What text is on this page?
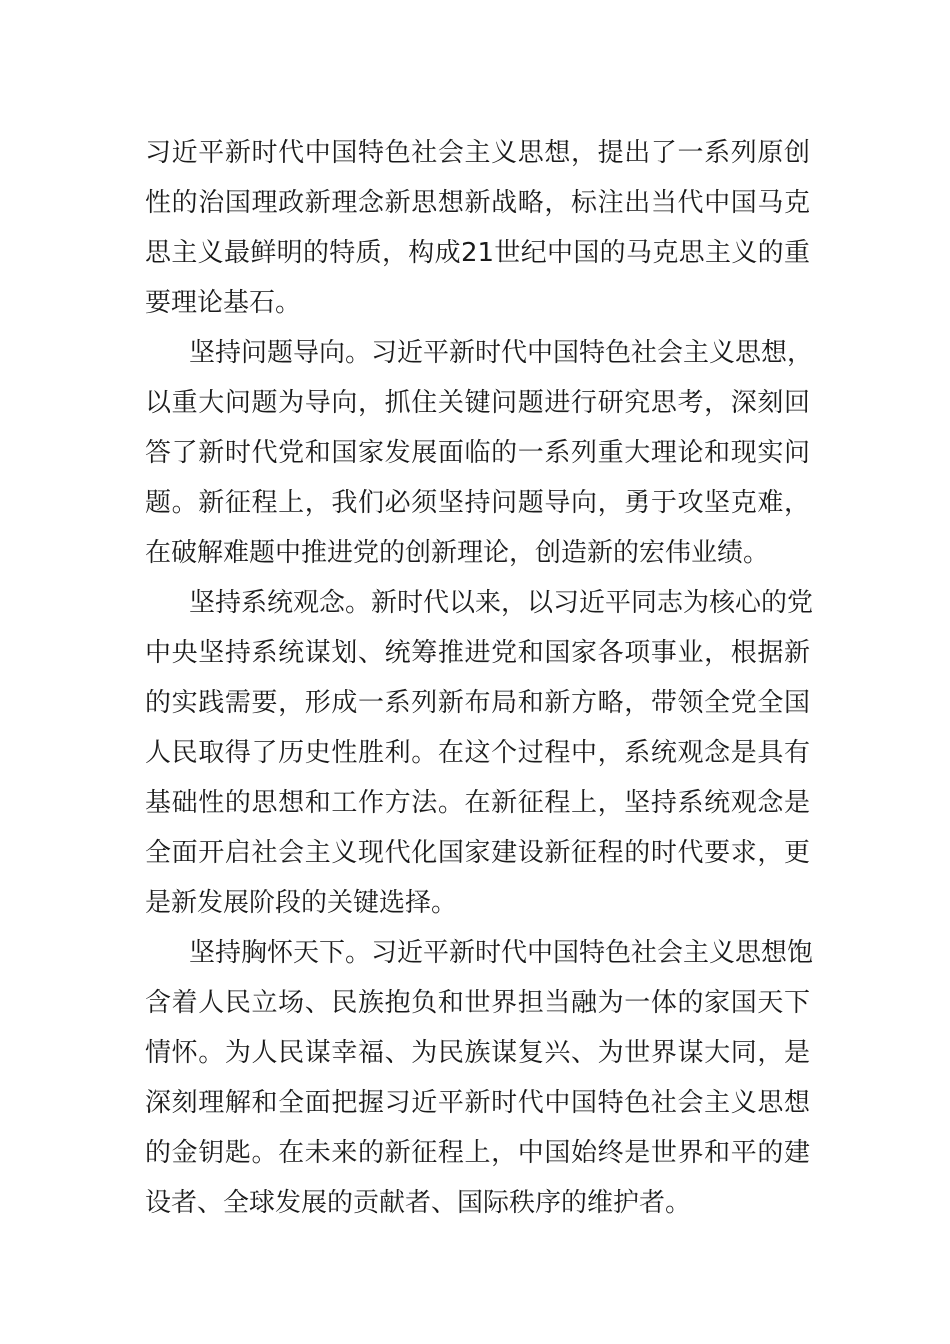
习近平新时代中国特色社会主义思想，提出了一系列原创
性的治国理政新理念新思想新战略，标注出当代中国马克
思主义最鲜明的特质，构成21世纪中国的马克思主义的重
要理论基石。
坚持问题导向。习近平新时代中国特色社会主义思想，
以重大问题为导向，抓住关键问题进行研究思考，深刻回
答了新时代党和国家发展面临的一系列重大理论和现实问
题。新征程上，我们必须坚持问题导向，勇于攻坚克难，
在破解难题中推进党的创新理论，创造新的宏伟业绩。
坚持系统观念。新时代以来，以习近平同志为核心的党
中央坚持系统谋划、统筹推进党和国家各项事业，根据新
的实践需要，形成一系列新布局和新方略，带领全党全国
人民取得了历史性胜利。在这个过程中，系统观念是具有
基础性的思想和工作方法。在新征程上，坚持系统观念是
全面开启社会主义现代化国家建设新征程的时代要求，更
是新发展阶段的关键选择。
坚持胸怀天下。习近平新时代中国特色社会主义思想饱
含着人民立场、民族抱负和世界担当融为一体的家国天下
情怀。为人民谋幸福、为民族谋复兴、为世界谋大同，是
深刻理解和全面把握习近平新时代中国特色社会主义思想
的金钥匙。在未来的新征程上，中国始终是世界和平的建
设者、全球发展的贡献者、国际秩序的维护者。
